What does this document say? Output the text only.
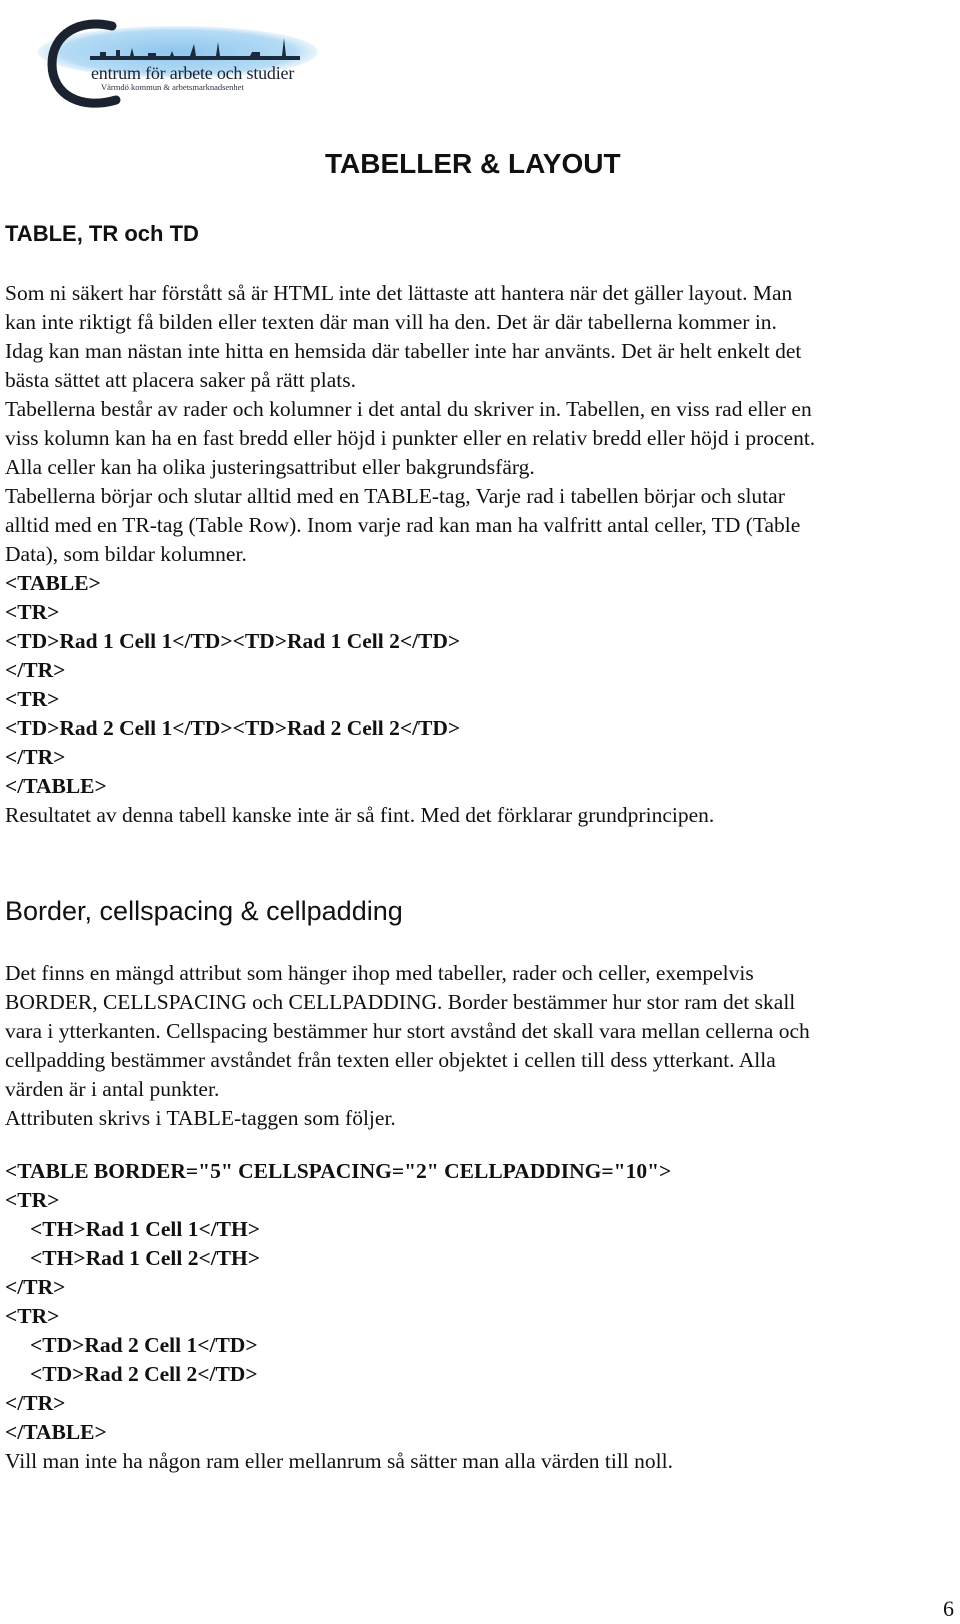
entrum för arbete och studier
Värmdö kommun & arbetsmarknadsenhet
TABELLER & LAYOUT
TABLE, TR och TD
Som ni säkert har förstått så är HTML inte det lättaste att hantera när det gäller layout. Man
kan inte riktigt få bilden eller texten där man vill ha den. Det är där tabellerna kommer in.
Idag kan man nästan inte hitta en hemsida där tabeller inte har använts. Det är helt enkelt det
bästa sättet att placera saker på rätt plats.
Tabellerna består av rader och kolumner i det antal du skriver in. Tabellen, en viss rad eller en
viss kolumn kan ha en fast bredd eller höjd i punkter eller en relativ bredd eller höjd i procent.
Alla celler kan ha olika justeringsattribut eller bakgrundsfärg.
Tabellerna börjar och slutar alltid med en TABLE-tag, Varje rad i tabellen börjar och slutar
alltid med en TR-tag (Table Row). Inom varje rad kan man ha valfritt antal celler, TD (Table
Data), som bildar kolumner.
<TABLE>
<TR>
<TD>Rad 1 Cell 1</TD><TD>Rad 1 Cell 2</TD>
</TR>
<TR>
<TD>Rad 2 Cell 1</TD><TD>Rad 2 Cell 2</TD>
</TR>
</TABLE>
Resultatet av denna tabell kanske inte är så fint. Med det förklarar grundprincipen.
Border, cellspacing & cellpadding
Det finns en mängd attribut som hänger ihop med tabeller, rader och celler, exempelvis
BORDER, CELLSPACING och CELLPADDING. Border bestämmer hur stor ram det skall
vara i ytterkanten. Cellspacing bestämmer hur stort avstånd det skall vara mellan cellerna och
cellpadding bestämmer avståndet från texten eller objektet i cellen till dess ytterkant. Alla
värden är i antal punkter.
Attributen skrivs i TABLE-taggen som följer.
<TABLE BORDER="5" CELLSPACING="2" CELLPADDING="10">
<TR>
<TH>Rad 1 Cell 1</TH>
<TH>Rad 1 Cell 2</TH>
</TR>
<TR>
<TD>Rad 2 Cell 1</TD>
<TD>Rad 2 Cell 2</TD>
</TR>
</TABLE>
Vill man inte ha någon ram eller mellanrum så sätter man alla värden till noll.
6
